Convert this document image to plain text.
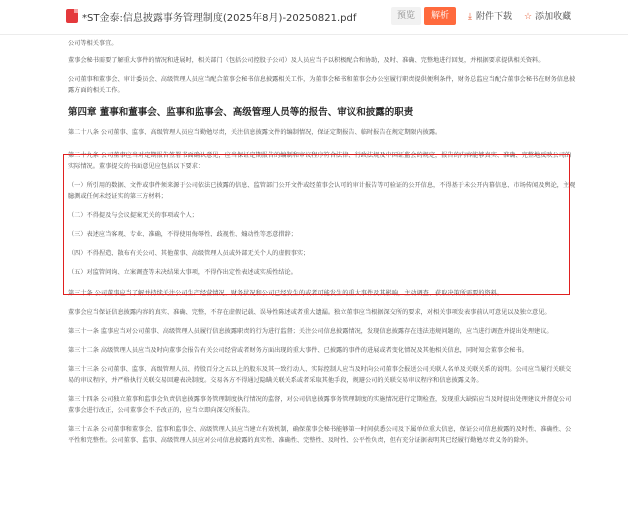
*ST金泰:信息披露事务管理制度(2025年8月)-20250821.pdf	预览	解析	⤓ 附件下载 ☆ 添加收藏

公司等相关事宜。

董事会秘书需要了解重大事件的情况和进展时，相关部门（包括公司控股子公司）及人员应当予以积极配合和协助，及时、准确、完整地进行回复，并根据要求提供相关资料。

公司董事和董事会、审计委员会、高级管理人员应当配合董事会秘书信息披露相关工作，为董事会秘书和董事会办公室履行职责提供便利条件，财务总监应当配合董事会秘书在财务信息披露方面的相关工作。

第四章 董事和董事会、监事和监事会、高级管理人员等的报告、审议和披露的职责

第二十八条 公司董事、监事、高级管理人员应当勤勉尽责，关注信息披露文件的编制情况，保证定期报告、临时报告在规定期限内披露。

第二十九条 公司董事应当对定期报告签署书面确认意见，应当保证定期报告的编制和审议程序符合法律、行政法规及中国证监会的规定，报告的内容能够真实、准确、完整地反映公司的实际情况。董事提交的书面意见应包括以下要求：

（一）所引用的数据、文件或事件须来源于公司依法已披露的信息、监管部门公开文件或经董事会认可的审计报告等可验证的公开信息，不得基于未公开内幕信息、市场传闻及舆论，主观臆测或任何未经证实的第三方材料；

（二）不得提及与会议提案无关的事项或个人；

（三）表述应当客观、专业、准确，不得使用侮辱性、歧视性、煽动性等恶意措辞；

（四）不得捏造、散布有关公司、其他董事、高级管理人员或外部无关个人的虚假事实；

（五）对监管问询、立案调查等未决结果大事项，不得作出定性表述或实质性结论。

第三十条 公司董事应当了解并持续关注公司生产经营情况、财务状况和公司已经发生的或者可能发生的重大事件及其影响，主动调查、获取决策所需要的资料。

董事会应当保证信息披露内容的真实、准确、完整，不存在虚假记载、误导性陈述或者重大遗漏。独立董事应当根据深交所的要求，对相关事项发表事前认可意见以及独立意见。

第三十一条 监事应当对公司董事、高级管理人员履行信息披露职责的行为进行监督；关注公司信息披露情况，发现信息披露存在违法违规问题的，应当进行调查并提出处理建议。

第三十二条 高级管理人员应当及时向董事会报告有关公司经营或者财务方面出现的重大事件、已披露的事件的进展或者变化情况及其他相关信息，同时知会董事会秘书。

第三十三条 公司董事、监事、高级管理人员、持股百分之五以上的股东及其一致行动人、实际控制人应当及时向公司董事会报送公司关联人名单及关联关系的说明。公司应当履行关联交易的审议程序，并严格执行关联交易回避表决制度。交易各方不得通过隐瞒关联关系或者采取其他手段，规避公司的关联交易审议程序和信息披露义务。

第三十四条 公司独立董事和监事会负责信息披露事务管理制度执行情况的监督，对公司信息披露事务管理制度的实施情况进行定期检查，发现重大缺陷应当及时提出处理建议并督促公司董事会进行改正，公司董事会不予改正的，应当立即向深交所报告。

第三十五条 公司董事和董事会、监事和监事会、高级管理人员应当建立有效机制，确保董事会秘书能够第一时间获悉公司及下属单位重大信息，保证公司信息披露的及时性、准确性、公平性和完整性。公司董事、监事、高级管理人员应对公司信息披露的真实性、准确性、完整性、及时性、公平性负责，但有充分证据表明其已经履行勤勉尽责义务的除外。
